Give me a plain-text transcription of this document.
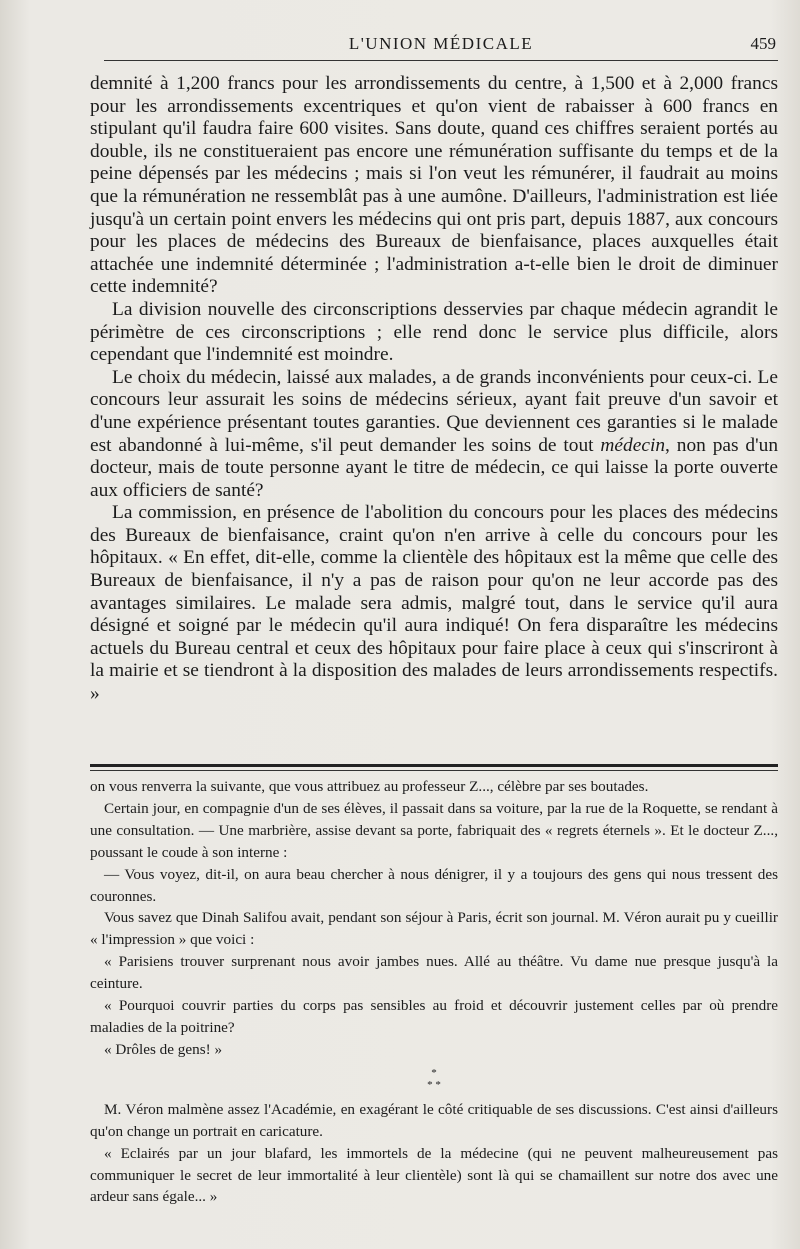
L'UNION MÉDICALE	459

demnité à 1,200 francs pour les arrondissements du centre, à 1,500 et à 2,000 francs pour les arrondissements excentriques et qu'on vient de rabaisser à 600 francs en stipulant qu'il faudra faire 600 visites. Sans doute, quand ces chiffres seraient portés au double, ils ne constitueraient pas encore une rémunération suffisante du temps et de la peine dépensés par les médecins ; mais si l'on veut les rémunérer, il faudrait au moins que la rémunération ne ressemblât pas à une aumône. D'ailleurs, l'administration est liée jusqu'à un certain point envers les médecins qui ont pris part, depuis 1887, aux concours pour les places de médecins des Bureaux de bienfaisance, places auxquelles était attachée une indemnité déterminée ; l'administration a-t-elle bien le droit de diminuer cette indemnité?

La division nouvelle des circonscriptions desservies par chaque médecin agrandit le périmètre de ces circonscriptions ; elle rend donc le service plus difficile, alors cependant que l'indemnité est moindre.

Le choix du médecin, laissé aux malades, a de grands inconvénients pour ceux-ci. Le concours leur assurait les soins de médecins sérieux, ayant fait preuve d'un savoir et d'une expérience présentant toutes garanties. Que deviennent ces garanties si le malade est abandonné à lui-même, s'il peut demander les soins de tout médecin, non pas d'un docteur, mais de toute personne ayant le titre de médecin, ce qui laisse la porte ouverte aux officiers de santé?

La commission, en présence de l'abolition du concours pour les places des médecins des Bureaux de bienfaisance, craint qu'on n'en arrive à celle du concours pour les hôpitaux. « En effet, dit-elle, comme la clientèle des hôpitaux est la même que celle des Bureaux de bienfaisance, il n'y a pas de raison pour qu'on ne leur accorde pas des avantages similaires. Le malade sera admis, malgré tout, dans le service qu'il aura désigné et soigné par le médecin qu'il aura indiqué! On fera disparaître les médecins actuels du Bureau central et ceux des hôpitaux pour faire place à ceux qui s'inscriront à la mairie et se tiendront à la disposition des malades de leurs arrondissements respectifs. »

on vous renverra la suivante, que vous attribuez au professeur Z..., célèbre par ses boutades.

Certain jour, en compagnie d'un de ses élèves, il passait dans sa voiture, par la rue de la Roquette, se rendant à une consultation. — Une marbrière, assise devant sa porte, fabriquait des « regrets éternels ». Et le docteur Z..., poussant le coude à son interne :

— Vous voyez, dit-il, on aura beau chercher à nous dénigrer, il y a toujours des gens qui nous tressent des couronnes.

Vous savez que Dinah Salifou avait, pendant son séjour à Paris, écrit son journal. M. Véron aurait pu y cueillir « l'impression » que voici :

« Parisiens trouver surprenant nous avoir jambes nues. Allé au théâtre. Vu dame nue presque jusqu'à la ceinture.

« Pourquoi couvrir parties du corps pas sensibles au froid et découvrir justement celles par où prendre maladies de la poitrine?

« Drôles de gens! »

*
* *

M. Véron malmène assez l'Académie, en exagérant le côté critiquable de ses discussions. C'est ainsi d'ailleurs qu'on change un portrait en caricature.

« Eclairés par un jour blafard, les immortels de la médecine (qui ne peuvent malheureusement pas communiquer le secret de leur immortalité à leur clientèle) sont là qui se chamaillent sur notre dos avec une ardeur sans égale... »
